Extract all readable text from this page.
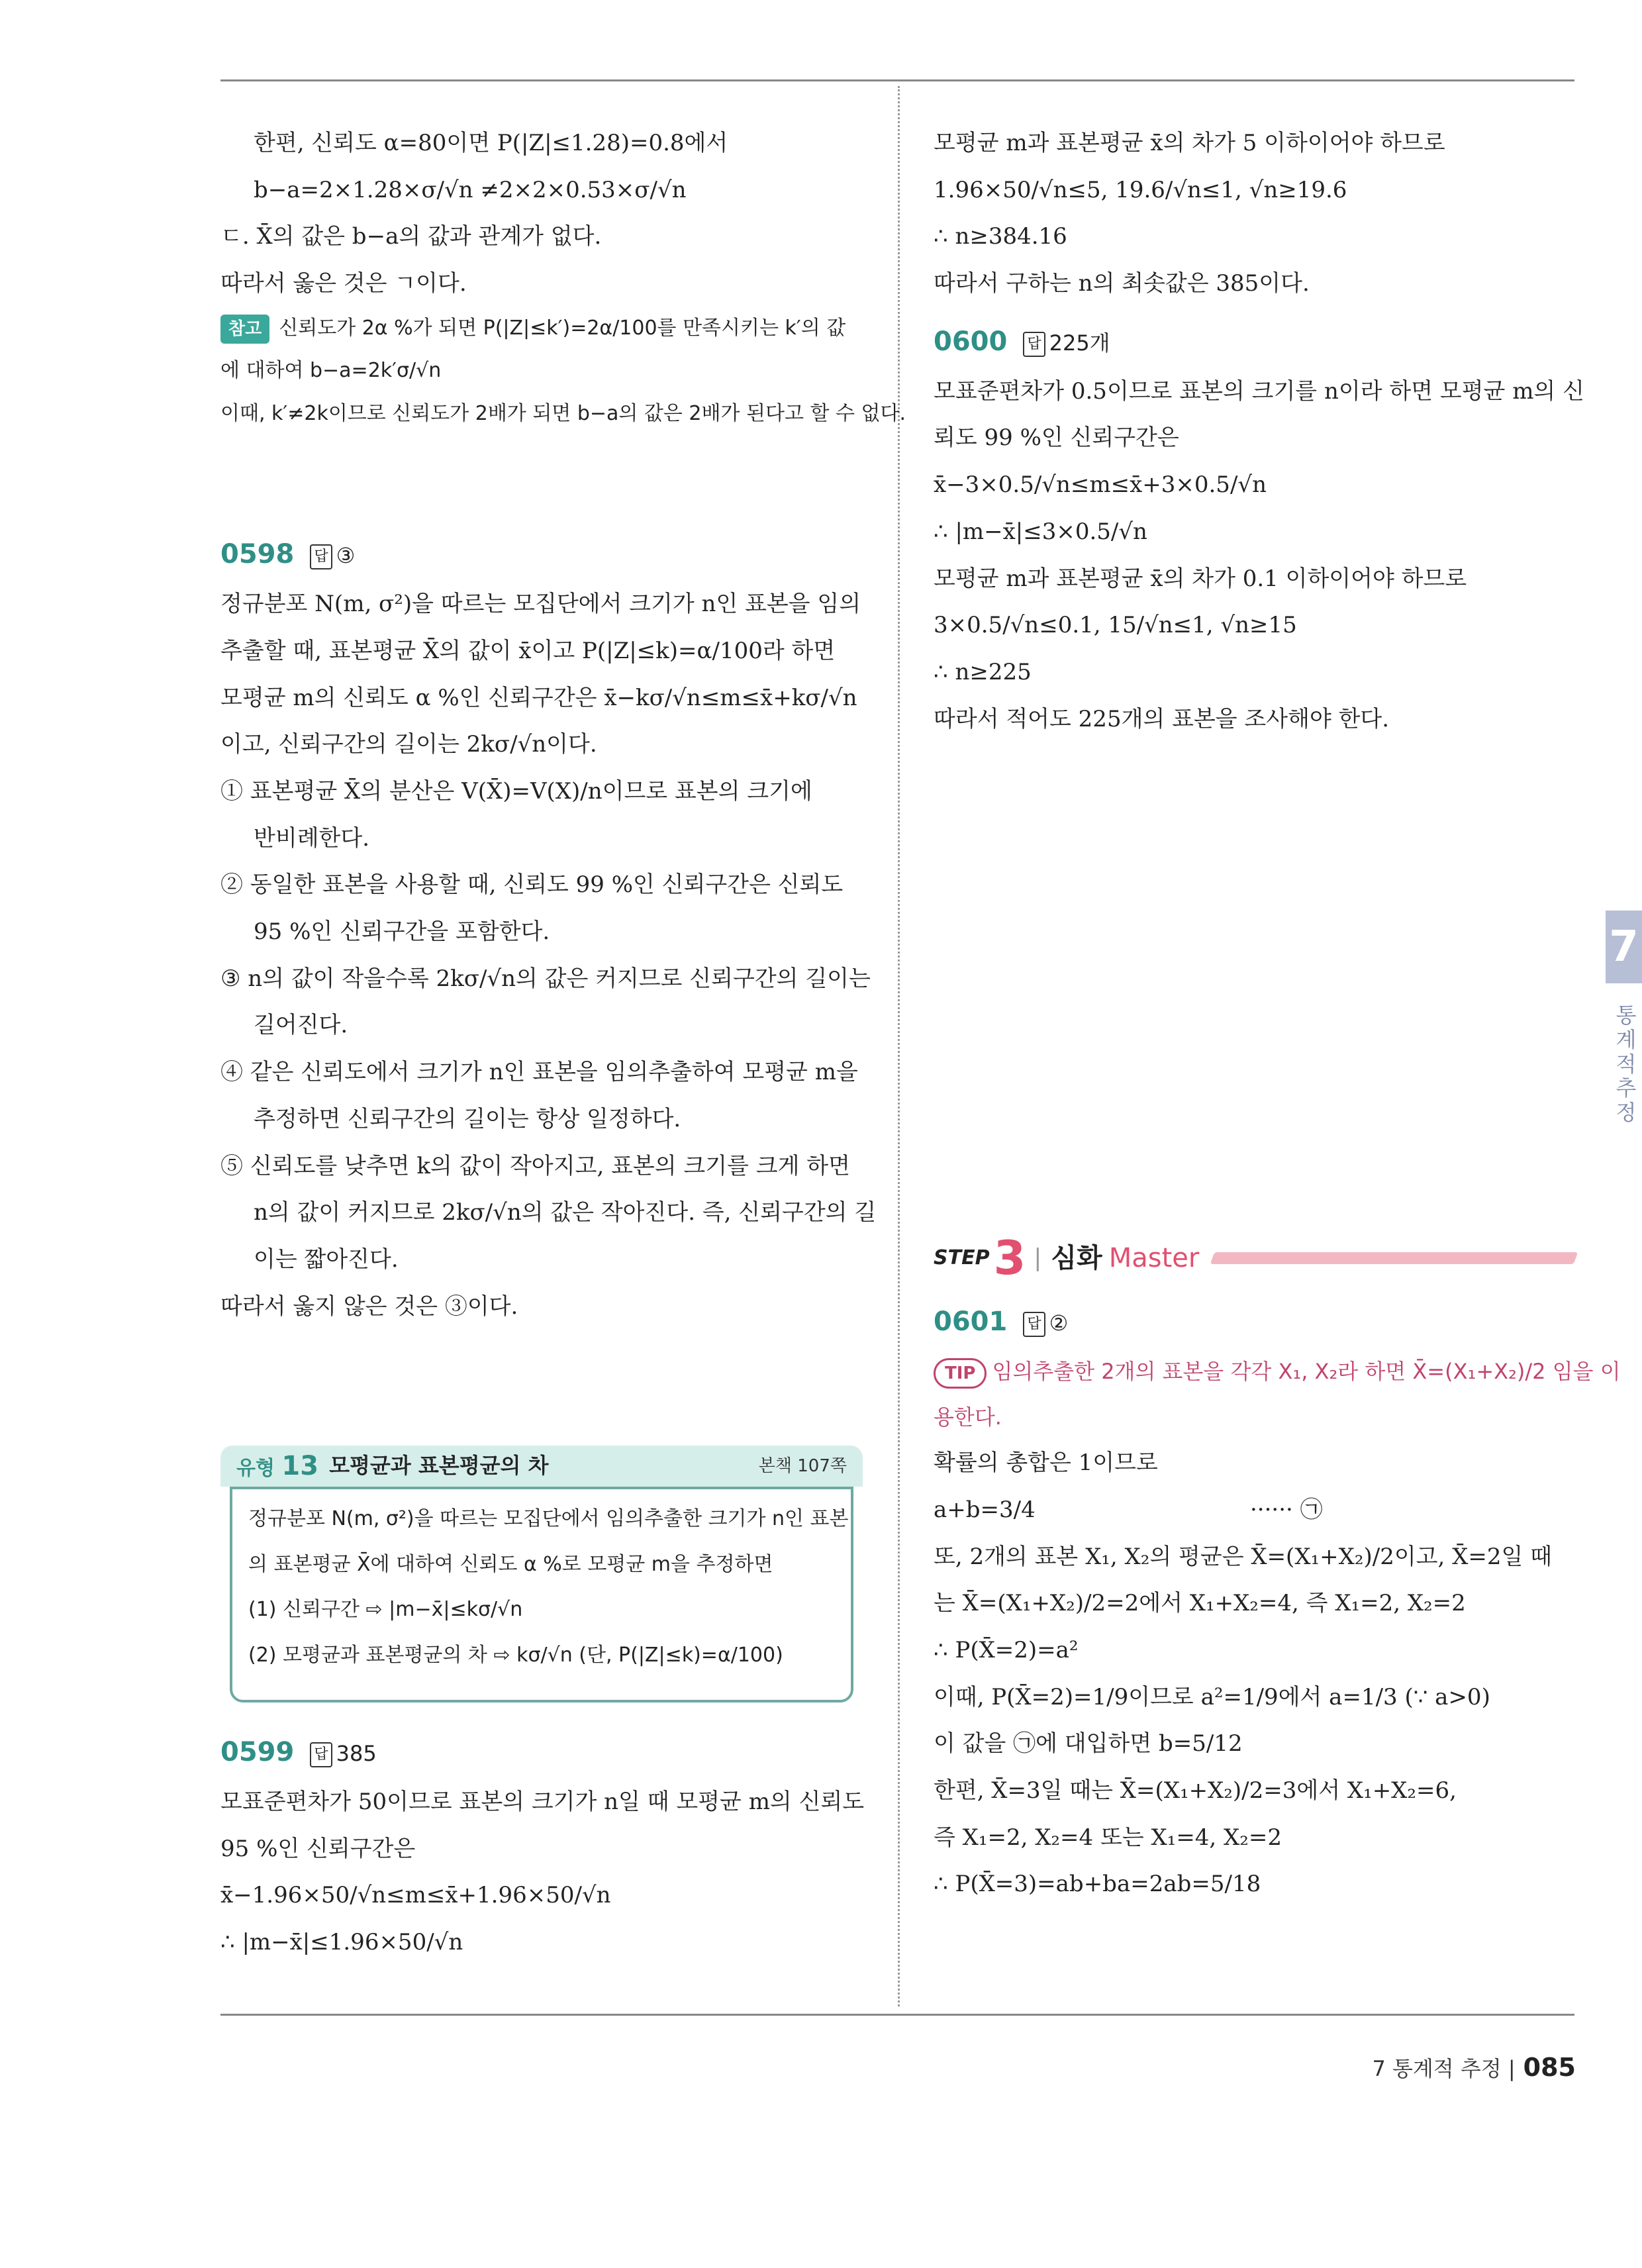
한편, 신뢰도 α=80이면 P(|Z|≤1.28)=0.8에서
b−a=2×1.28×σ/√n ≠2×2×0.53×σ/√n
ㄷ. X̄의 값은 b−a의 값과 관계가 없다.
따라서 옳은 것은 ㄱ이다.
참고 신뢰도가 2α %가 되면 P(|Z|≤k′)=2α/100를 만족시키는 k′의 값
에 대하여 b−a=2k′σ/√n
이때, k′≠2k이므로 신뢰도가 2배가 되면 b−a의 값은 2배가 된다고 할 수 없다.
0598 답 ③
정규분포 N(m, σ²)을 따르는 모집단에서 크기가 n인 표본을 임의
추출할 때, 표본평균 X̄의 값이 x̄이고 P(|Z|≤k)=α/100라 하면
모평균 m의 신뢰도 α %인 신뢰구간은 x̄−kσ/√n≤m≤x̄+kσ/√n
이고, 신뢰구간의 길이는 2kσ/√n이다.
① 표본평균 X̄의 분산은 V(X̄)=V(X)/n이므로 표본의 크기에
반비례한다.
② 동일한 표본을 사용할 때, 신뢰도 99 %인 신뢰구간은 신뢰도
95 %인 신뢰구간을 포함한다.
③ n의 값이 작을수록 2kσ/√n의 값은 커지므로 신뢰구간의 길이는
길어진다.
④ 같은 신뢰도에서 크기가 n인 표본을 임의추출하여 모평균 m을
추정하면 신뢰구간의 길이는 항상 일정하다.
⑤ 신뢰도를 낮추면 k의 값이 작아지고, 표본의 크기를 크게 하면
n의 값이 커지므로 2kσ/√n의 값은 작아진다. 즉, 신뢰구간의 길
이는 짧아진다.
따라서 옳지 않은 것은 ③이다.
유형 13 모평균과 표본평균의 차	본책 107쪽
정규분포 N(m, σ²)을 따르는 모집단에서 임의추출한 크기가 n인 표본
의 표본평균 X̄에 대하여 신뢰도 α %로 모평균 m을 추정하면
(1) 신뢰구간 ⇨ |m−x̄|≤kσ/√n
(2) 모평균과 표본평균의 차 ⇨ kσ/√n (단, P(|Z|≤k)=α/100)
0599 답 385
모표준편차가 50이므로 표본의 크기가 n일 때 모평균 m의 신뢰도
95 %인 신뢰구간은
x̄−1.96×50/√n≤m≤x̄+1.96×50/√n
∴ |m−x̄|≤1.96×50/√n
모평균 m과 표본평균 x̄의 차가 5 이하이어야 하므로
1.96×50/√n≤5, 19.6/√n≤1, √n≥19.6
∴ n≥384.16
따라서 구하는 n의 최솟값은 385이다.
0600 답 225개
모표준편차가 0.5이므로 표본의 크기를 n이라 하면 모평균 m의 신
뢰도 99 %인 신뢰구간은
x̄−3×0.5/√n≤m≤x̄+3×0.5/√n
∴ |m−x̄|≤3×0.5/√n
모평균 m과 표본평균 x̄의 차가 0.1 이하이어야 하므로
3×0.5/√n≤0.1, 15/√n≤1, √n≥15
∴ n≥225
따라서 적어도 225개의 표본을 조사해야 한다.
STEP 3 | 심화 Master
0601 답 ②
TIP 임의추출한 2개의 표본을 각각 X₁, X₂라 하면 X̄=(X₁+X₂)/2 임을 이
용한다.
확률의 총합은 1이므로
a+b=3/4                              ······ ㉠
또, 2개의 표본 X₁, X₂의 평균은 X̄=(X₁+X₂)/2이고, X̄=2일 때
는 X̄=(X₁+X₂)/2=2에서 X₁+X₂=4, 즉 X₁=2, X₂=2
∴ P(X̄=2)=a²
이때, P(X̄=2)=1/9이므로 a²=1/9에서 a=1/3 (∵ a>0)
이 값을 ㉠에 대입하면 b=5/12
한편, X̄=3일 때는 X̄=(X₁+X₂)/2=3에서 X₁+X₂=6,
즉 X₁=2, X₂=4 또는 X₁=4, X₂=2
∴ P(X̄=3)=ab+ba=2ab=5/18
7
통
계
적
추
정
7 통계적 추정 | 085
